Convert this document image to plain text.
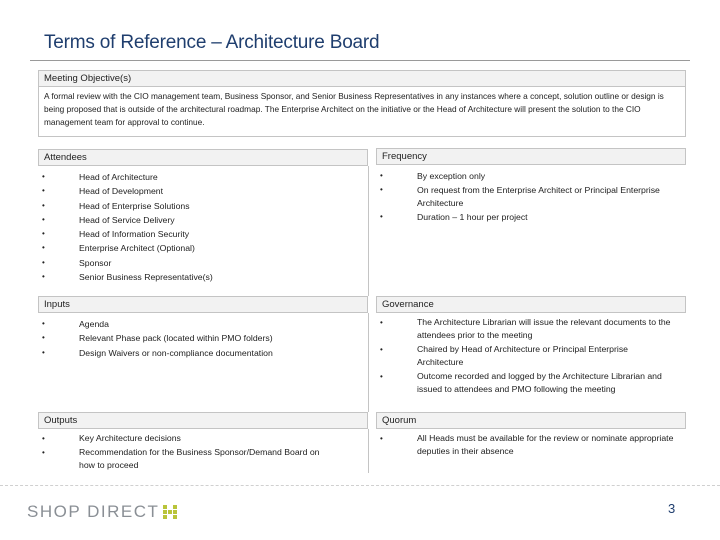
Terms of Reference – Architecture Board
Meeting Objective(s)
A formal review with the CIO management team, Business Sponsor, and Senior Business Representatives in any instances where a concept, solution outline or design is being proposed that is outside of the architectural roadmap. The Enterprise Architect on the initiative or the Head of Architecture will present the solution to the CIO management team for approval to continue.
Attendees	Frequency
•	Head of Architecture
•	Head of Development
•	Head of Enterprise Solutions
•	Head of Service Delivery
•	Head of Information Security
•	Enterprise Architect (Optional)
•	Sponsor
•	Senior Business Representative(s)
•	By exception only
•	On request from the Enterprise Architect or Principal Enterprise Architecture
•	Duration – 1 hour per project
Inputs	Governance
•	Agenda
•	Relevant Phase pack (located within PMO folders)
•	Design Waivers or non-compliance documentation
•	The Architecture Librarian will issue the relevant documents to the attendees prior to the meeting
•	Chaired by Head of Architecture or Principal Enterprise Architecture
•	Outcome recorded and logged by the Architecture Librarian and issued to attendees and PMO following the meeting
Outputs	Quorum
•	Key Architecture decisions
•	Recommendation for the Business Sponsor/Demand Board on how to proceed
•	All Heads must be available for the review or nominate appropriate deputies in their absence
SHOP DIRECT	3
